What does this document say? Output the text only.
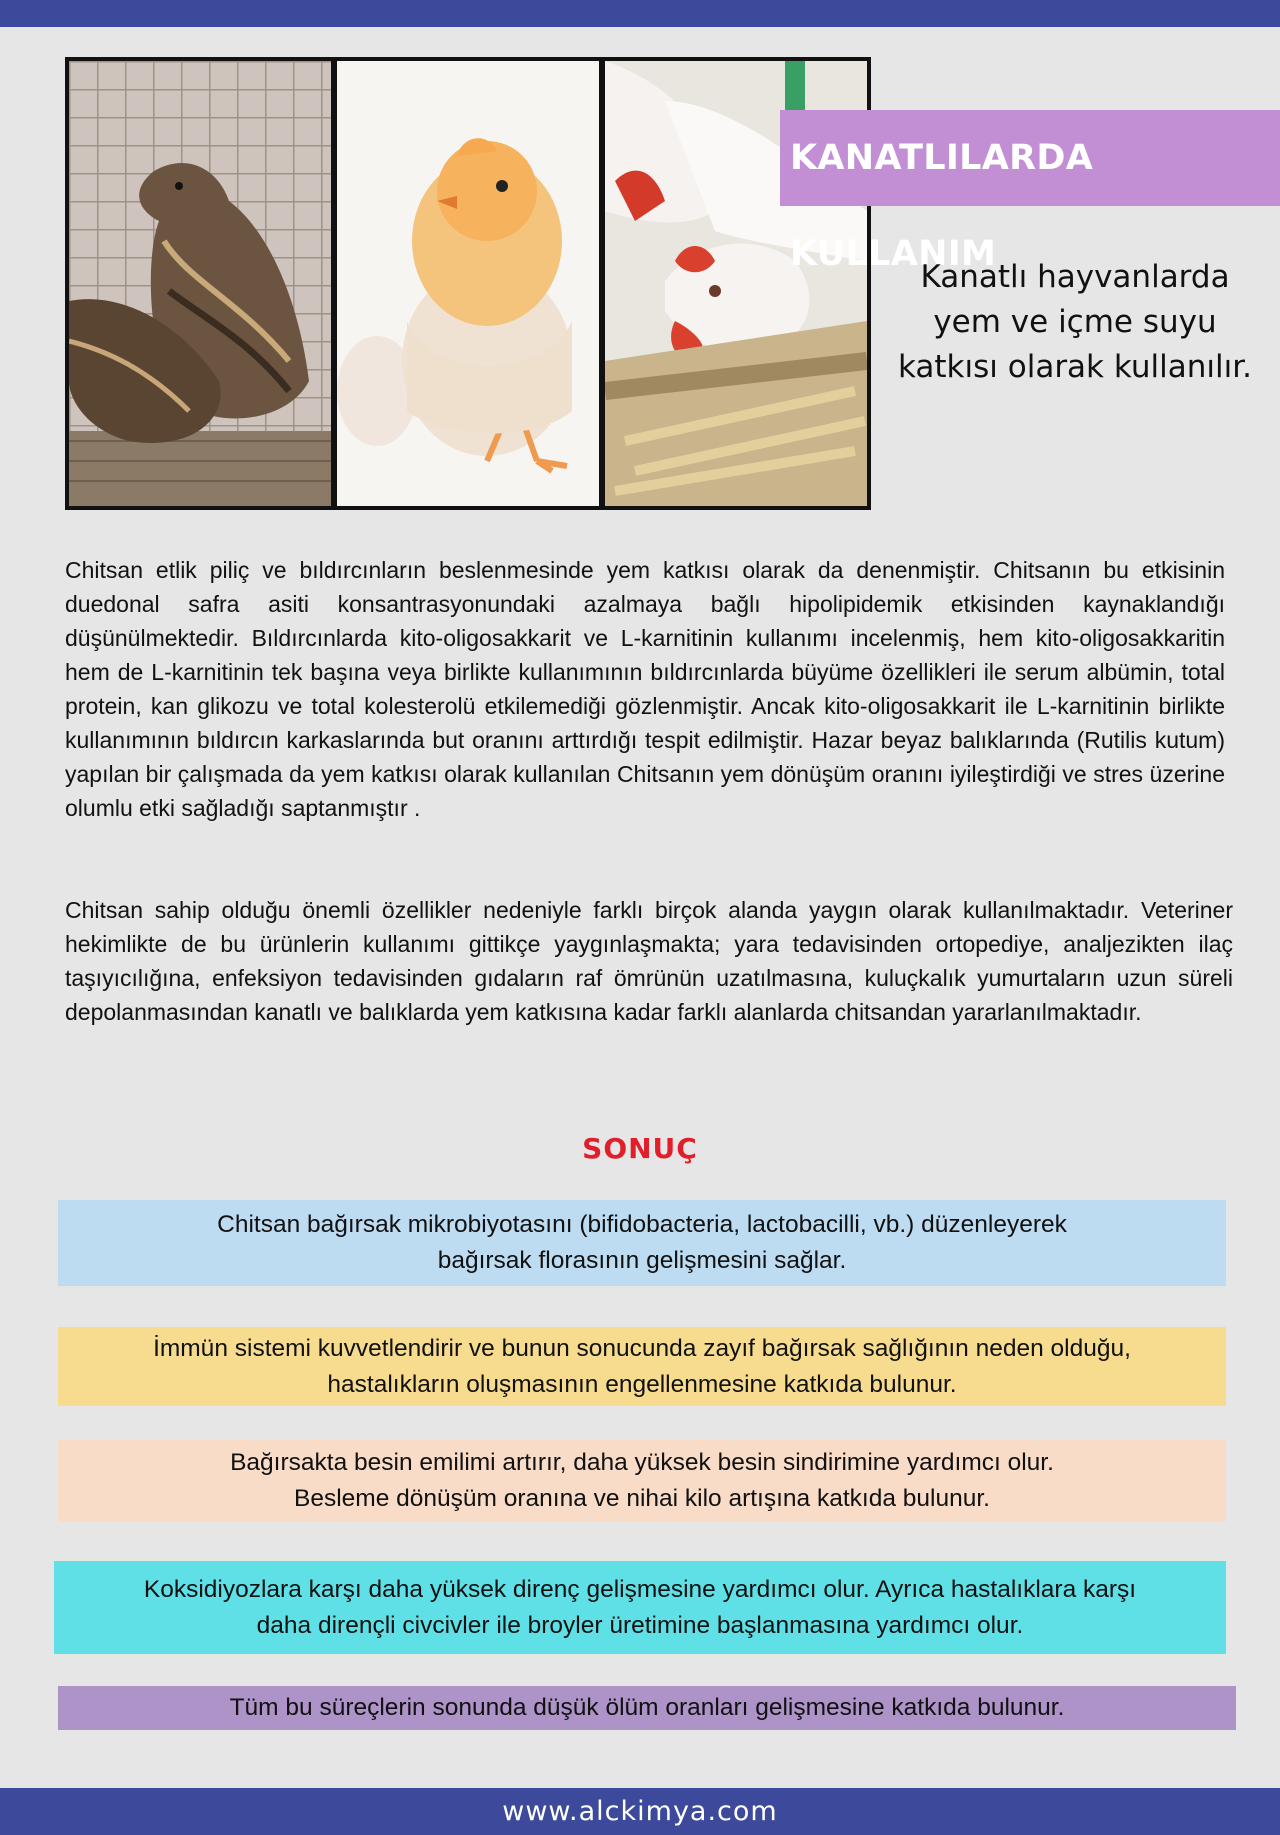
KANATLILARDA KULLANIM
Kanatlı hayvanlarda
yem ve içme suyu
katkısı olarak kullanılır.

Chitsan etlik piliç ve bıldırcınların beslenmesinde yem katkısı olarak da denenmiştir. Chitsanın bu etkisinin duedonal safra asiti konsantrasyonundaki azalmaya bağlı hipolipidemik etkisinden kaynaklandığı düşünülmektedir. Bıldırcınlarda kito-oligosakkarit ve L-karnitinin kullanımı incelenmiş, hem kito-oligosakkaritin hem de L-karnitinin tek başına veya birlikte kullanımının bıldırcınlarda büyüme özellikleri ile serum albümin, total protein, kan glikozu ve total kolesterolü etkilemediği gözlenmiştir. Ancak kito-oligosakkarit ile L-karnitinin birlikte kullanımının bıldırcın karkaslarında but oranını arttırdığı tespit edilmiştir. Hazar beyaz balıklarında (Rutilis kutum) yapılan bir çalışmada da yem katkısı olarak kullanılan Chitsanın yem dönüşüm oranını iyileştirdiği ve stres üzerine olumlu etki sağladığı saptanmıştır .

Chitsan sahip olduğu önemli özellikler nedeniyle farklı birçok alanda yaygın olarak kullanılmaktadır. Veteriner hekimlikte de bu ürünlerin kullanımı gittikçe yaygınlaşmakta; yara tedavisinden ortopediye, analjezikten ilaç taşıyıcılığına, enfeksiyon tedavisinden gıdaların raf ömrünün uzatılmasına, kuluçkalık yumurtaların uzun süreli depolanmasından kanatlı ve balıklarda yem katkısına kadar farklı alanlarda chitsandan yararlanılmaktadır.

SONUÇ
Chitsan bağırsak mikrobiyotasını (bifidobacteria, lactobacilli, vb.) düzenleyerek
bağırsak florasının gelişmesini sağlar.
İmmün sistemi kuvvetlendirir ve bunun sonucunda zayıf bağırsak sağlığının neden olduğu,
hastalıkların oluşmasının engellenmesine katkıda bulunur.
Bağırsakta besin emilimi artırır, daha yüksek besin sindirimine yardımcı olur.
Besleme dönüşüm oranına ve nihai kilo artışına katkıda bulunur.
Koksidiyozlara karşı daha yüksek direnç gelişmesine yardımcı olur. Ayrıca hastalıklara karşı
daha dirençli civcivler ile broyler üretimine başlanmasına yardımcı olur.
Tüm bu süreçlerin sonunda düşük ölüm oranları gelişmesine katkıda bulunur.
www.alckimya.com
